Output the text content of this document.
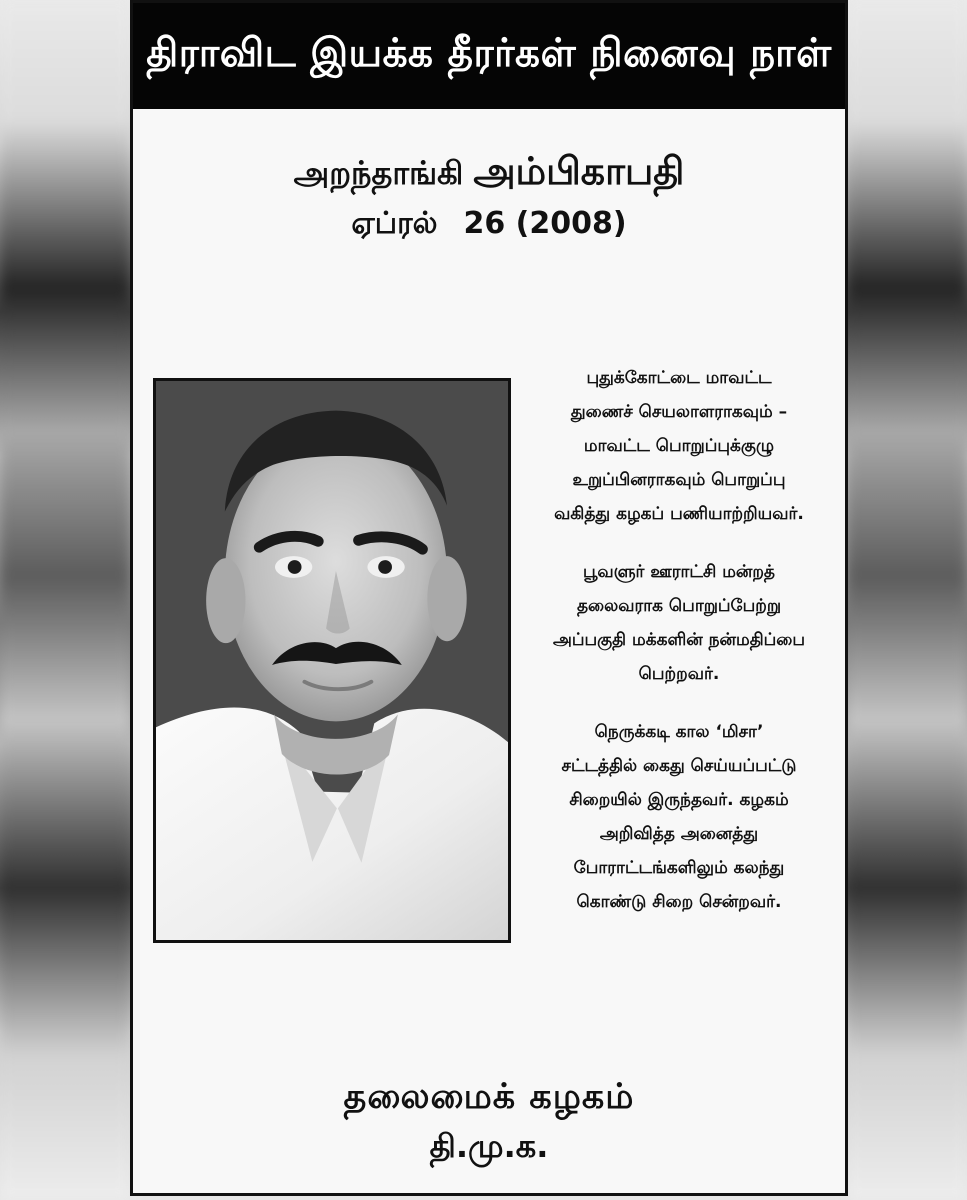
திராவிட இயக்க தீரர்கள் நினைவு நாள்
அறந்தாங்கி அம்பிகாபதி
ஏப்ரல் 26 (2008)

புதுக்கோட்டை மாவட்ட
துணைச் செயலாளராகவும் –
மாவட்ட பொறுப்புக்குழு
உறுப்பினராகவும் பொறுப்பு
வகித்து கழகப் பணியாற்றியவர்.

பூவளுர் ஊராட்சி மன்றத்
தலைவராக பொறுப்பேற்று
அப்பகுதி மக்களின் நன்மதிப்பை
பெற்றவர்.

நெருக்கடி கால ‘மிசா’
சட்டத்தில் கைது செய்யப்பட்டு
சிறையில் இருந்தவர். கழகம்
அறிவித்த அனைத்து
போராட்டங்களிலும் கலந்து
கொண்டு சிறை சென்றவர்.

தலைமைக் கழகம்
தி.மு.க.
